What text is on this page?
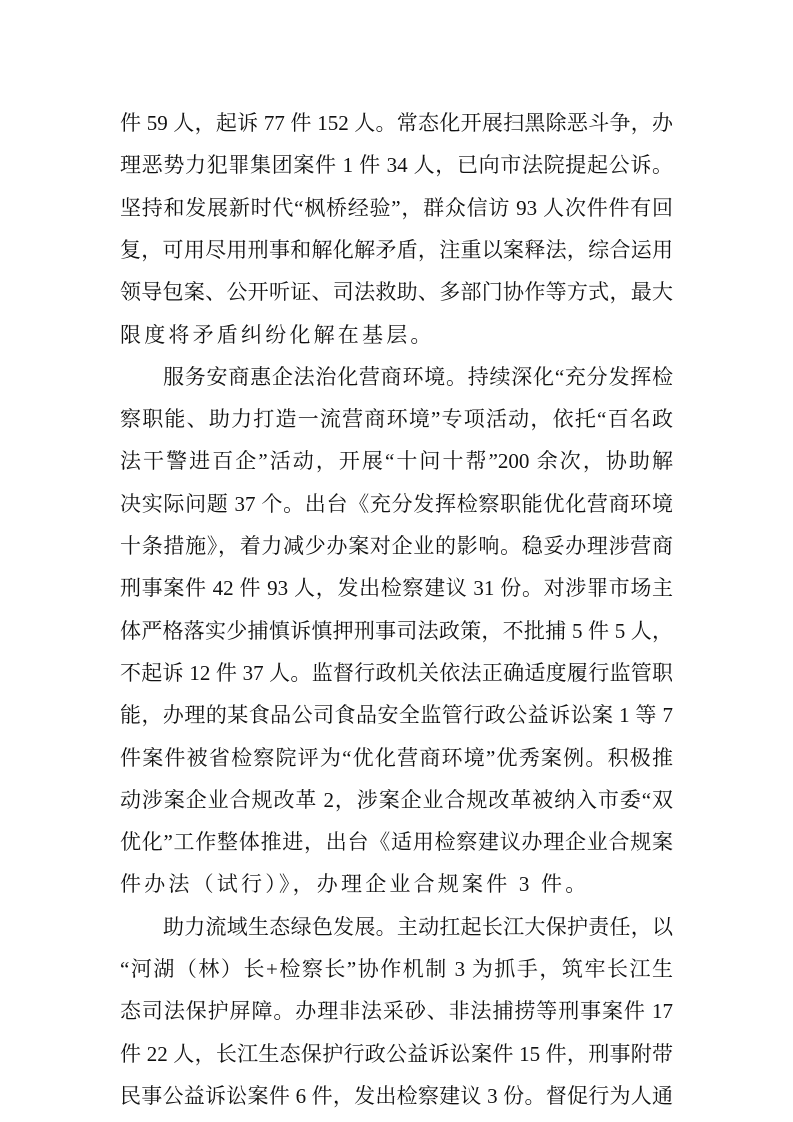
件 59 人，起诉 77 件 152 人。常态化开展扫黑除恶斗争，办
理恶势力犯罪集团案件 1 件 34 人，已向市法院提起公诉。
坚持和发展新时代“枫桥经验”，群众信访 93 人次件件有回
复，可用尽用刑事和解化解矛盾，注重以案释法，综合运用
领导包案、公开听证、司法救助、多部门协作等方式，最大
限度将矛盾纠纷化解在基层。
服务安商惠企法治化营商环境。持续深化“充分发挥检
察职能、助力打造一流营商环境”专项活动，依托“百名政
法干警进百企”活动，开展“十问十帮”200 余次，协助解
决实际问题 37 个。出台《充分发挥检察职能优化营商环境
十条措施》，着力减少办案对企业的影响。稳妥办理涉营商
刑事案件 42 件 93 人，发出检察建议 31 份。对涉罪市场主
体严格落实少捕慎诉慎押刑事司法政策，不批捕 5 件 5 人，
不起诉 12 件 37 人。监督行政机关依法正确适度履行监管职
能，办理的某食品公司食品安全监管行政公益诉讼案 1 等 7
件案件被省检察院评为“优化营商环境”优秀案例。积极推
动涉案企业合规改革 2，涉案企业合规改革被纳入市委“双
优化”工作整体推进，出台《适用检察建议办理企业合规案
件办法（试行）》，办理企业合规案件 3 件。
助力流域生态绿色发展。主动扛起长江大保护责任，以
“河湖（林）长+检察长”协作机制 3 为抓手，筑牢长江生
态司法保护屏障。办理非法采砂、非法捕捞等刑事案件 17
件 22 人，长江生态保护行政公益诉讼案件 15 件，刑事附带
民事公益诉讼案件 6 件，发出检察建议 3 份。督促行为人通
